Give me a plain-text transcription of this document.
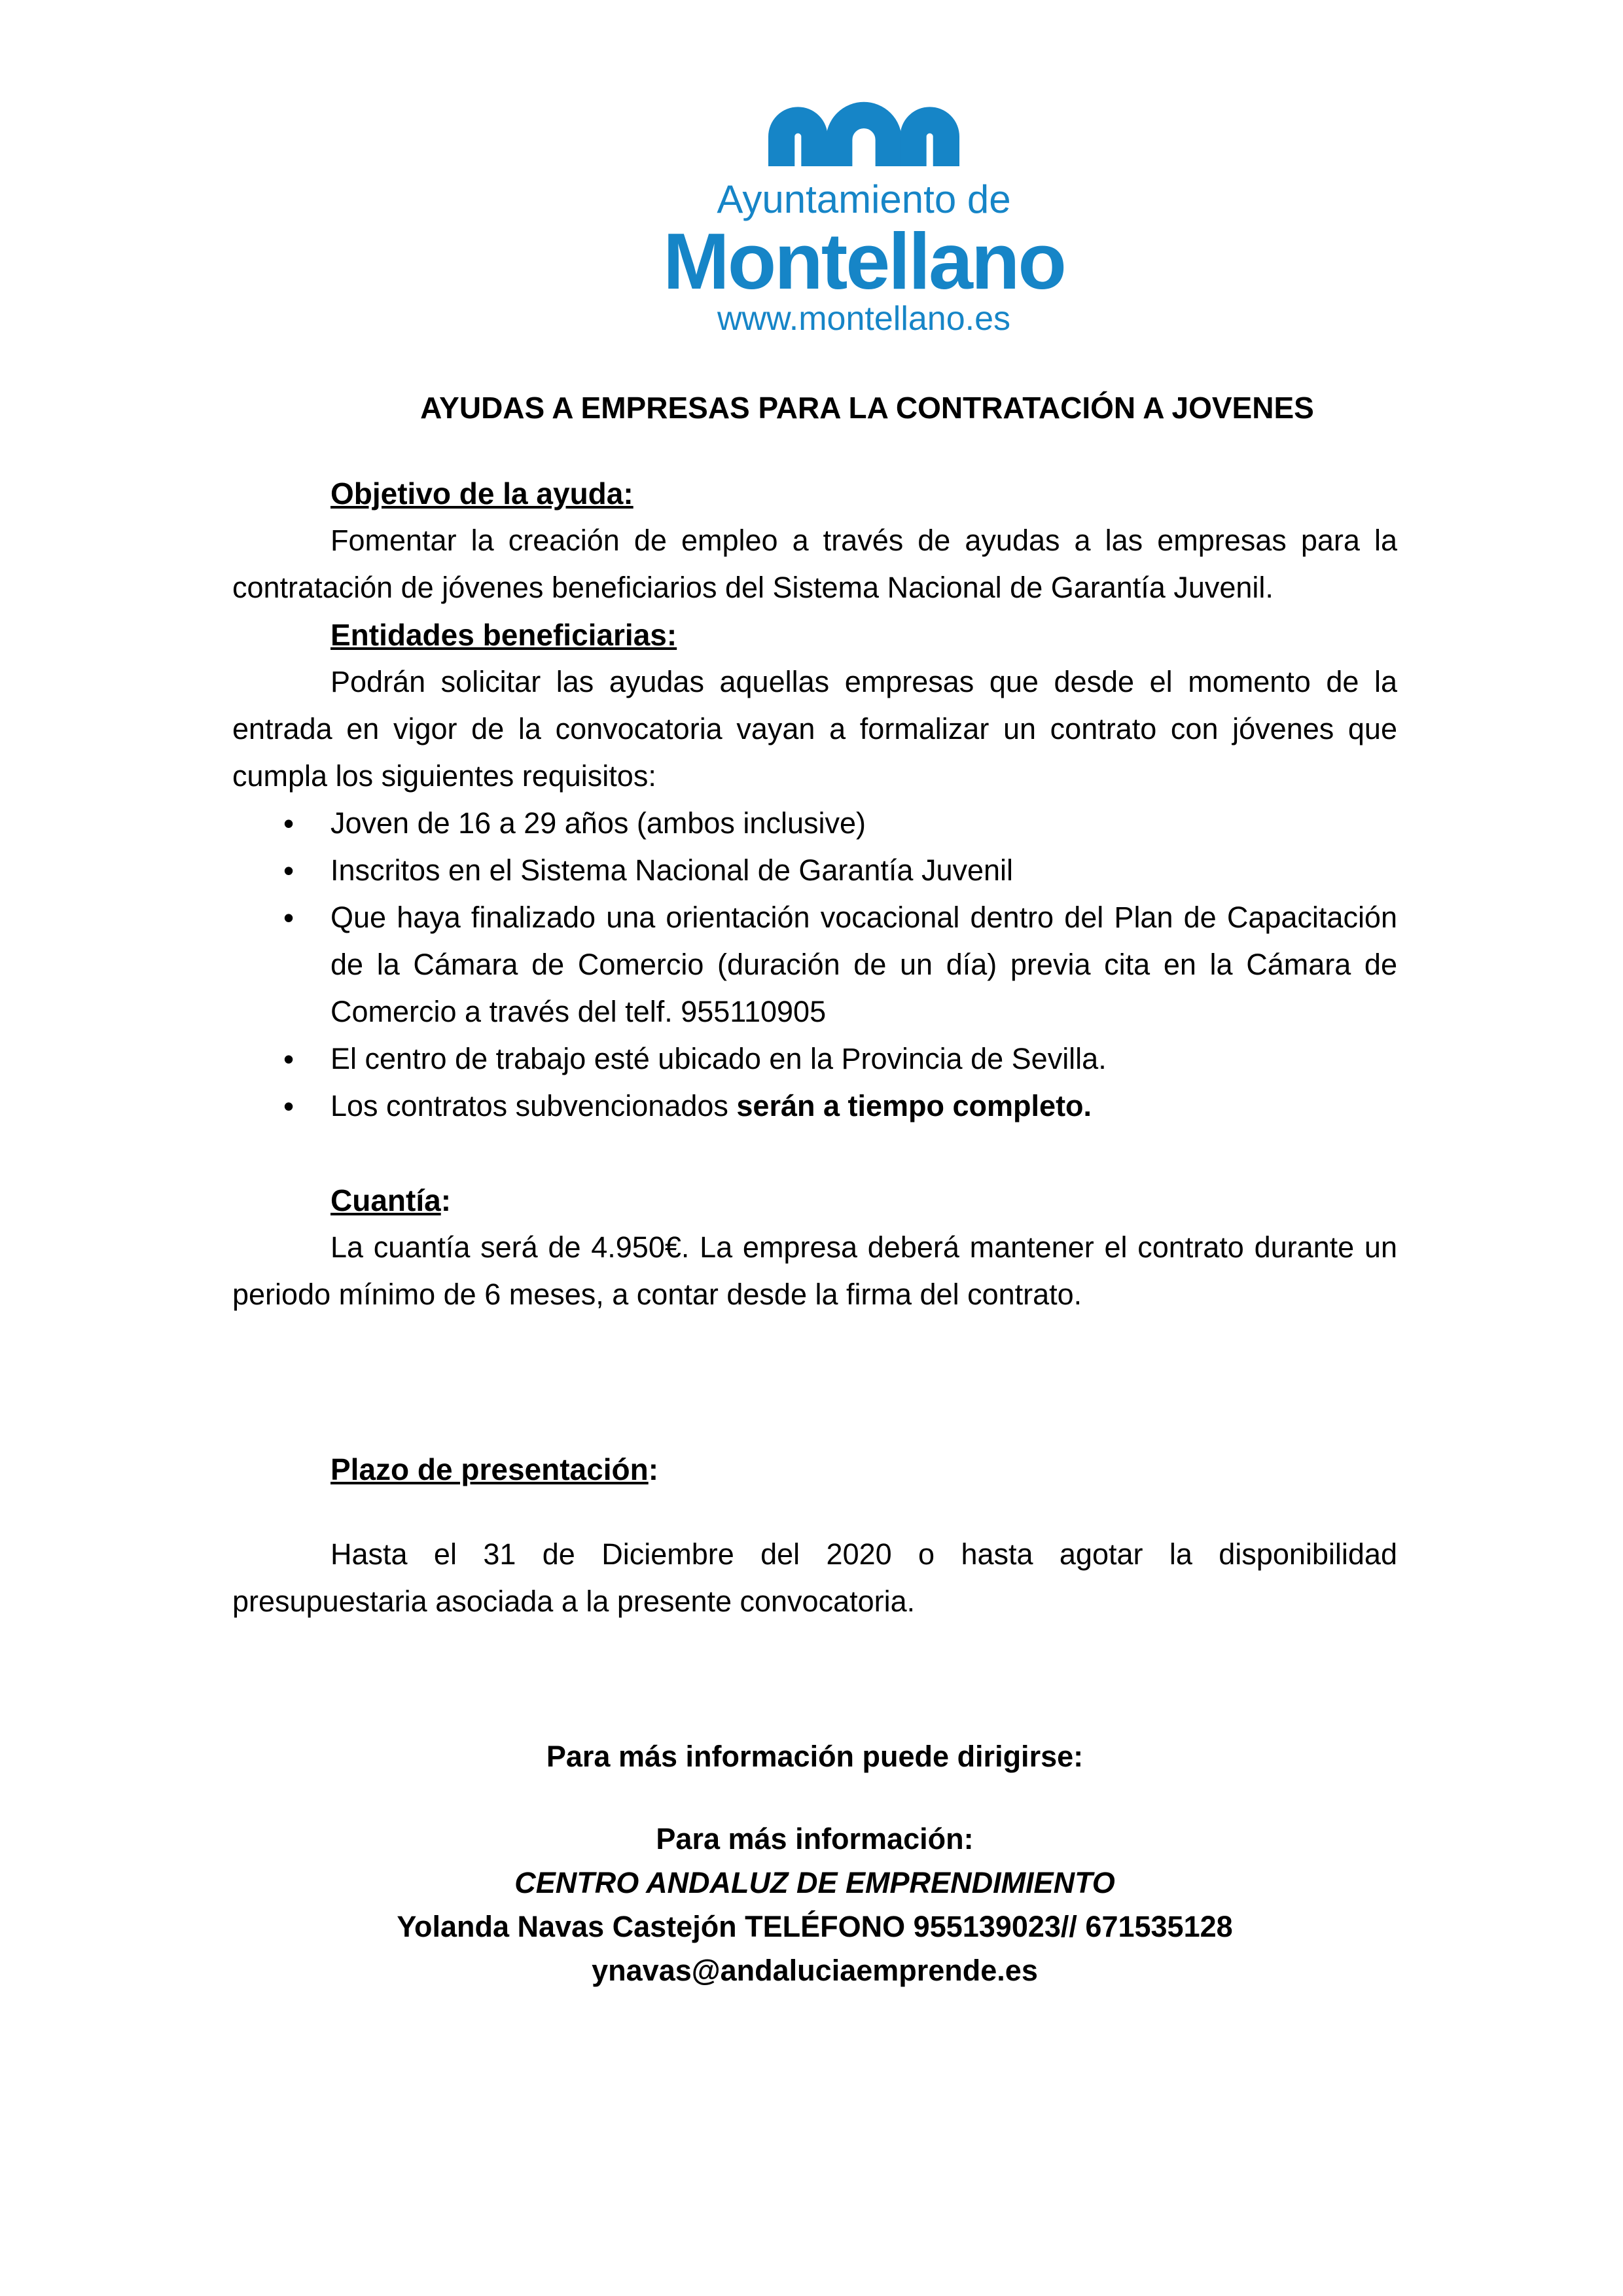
Ayuntamiento de
Montellano
www.montellano.es
AYUDAS A EMPRESAS PARA LA CONTRATACIÓN A JOVENES
Objetivo de la ayuda:

Fomentar la creación de empleo a través de ayudas a las empresas para la contratación de jóvenes beneficiarios del Sistema Nacional de Garantía Juvenil.

Entidades beneficiarias:

Podrán solicitar las ayudas aquellas empresas que desde el momento de la entrada en vigor de la convocatoria vayan a formalizar un contrato con jóvenes que cumpla los siguientes requisitos:

• Joven de 16 a 29 años (ambos inclusive)
• Inscritos en el Sistema Nacional de Garantía Juvenil
• Que haya finalizado una orientación vocacional dentro del Plan de Capacitación de la Cámara de Comercio (duración de un día) previa cita en la Cámara de Comercio a través del telf. 955110905
• El centro de trabajo esté ubicado en la Provincia de Sevilla.
• Los contratos subvencionados serán a tiempo completo.
Cuantía:

La cuantía será de 4.950€. La empresa deberá mantener el contrato durante un periodo mínimo de 6 meses, a contar desde la firma del contrato.

Plazo de presentación:

Hasta el 31 de Diciembre del 2020 o hasta agotar la disponibilidad presupuestaria asociada a la presente convocatoria.

Para más información puede dirigirse:

Para más información:

CENTRO ANDALUZ DE EMPRENDIMIENTO

Yolanda Navas Castejón TELÉFONO 955139023// 671535128

ynavas@andaluciaemprende.es
